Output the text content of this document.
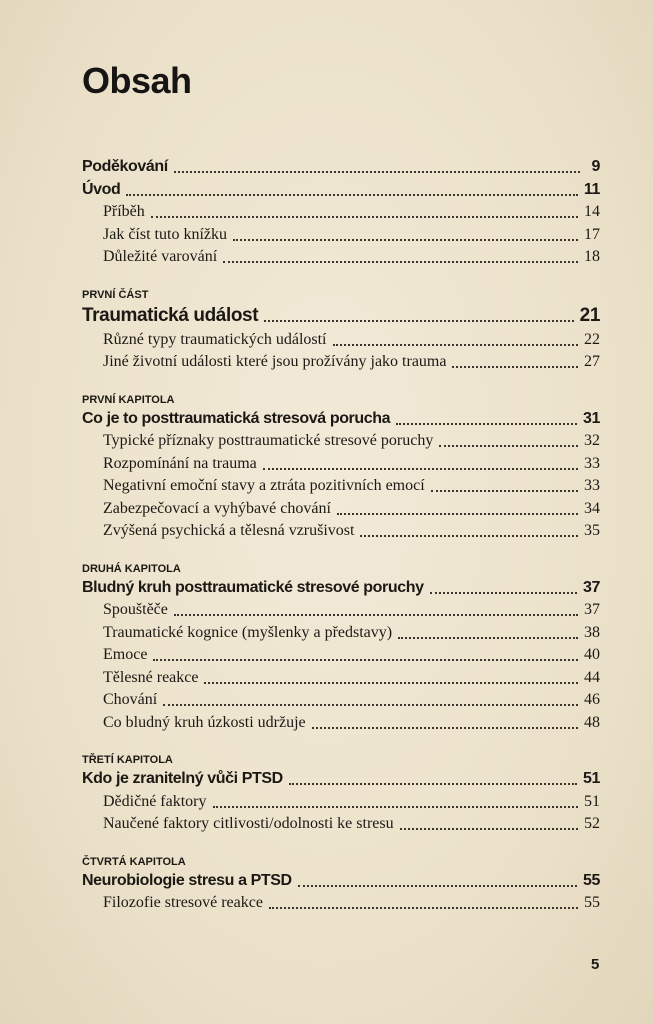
Obsah
Poděkování	9
Úvod	11
Příběh	14
Jak číst tuto knížku	17
Důležité varování	18
PRVNÍ ČÁST
Traumatická událost	21
Různé typy traumatických událostí	22
Jiné životní události které jsou prožívány jako trauma	27
PRVNÍ KAPITOLA
Co je to posttraumatická stresová porucha	31
Typické příznaky posttraumatické stresové poruchy	32
Rozpomínání na trauma	33
Negativní emoční stavy a ztráta pozitivních emocí	33
Zabezpečovací a vyhýbavé chování	34
Zvýšená psychická a tělesná vzrušivost	35
DRUHÁ KAPITOLA
Bludný kruh posttraumatické stresové poruchy	37
Spouštěče	37
Traumatické kognice (myšlenky a představy)	38
Emoce	40
Tělesné reakce	44
Chování	46
Co bludný kruh úzkosti udržuje	48
TŘETÍ KAPITOLA
Kdo je zranitelný vůči PTSD	51
Dědičné faktory	51
Naučené faktory citlivosti/odolnosti ke stresu	52
ČTVRTÁ KAPITOLA
Neurobiologie stresu a PTSD	55
Filozofie stresové reakce	55
5
